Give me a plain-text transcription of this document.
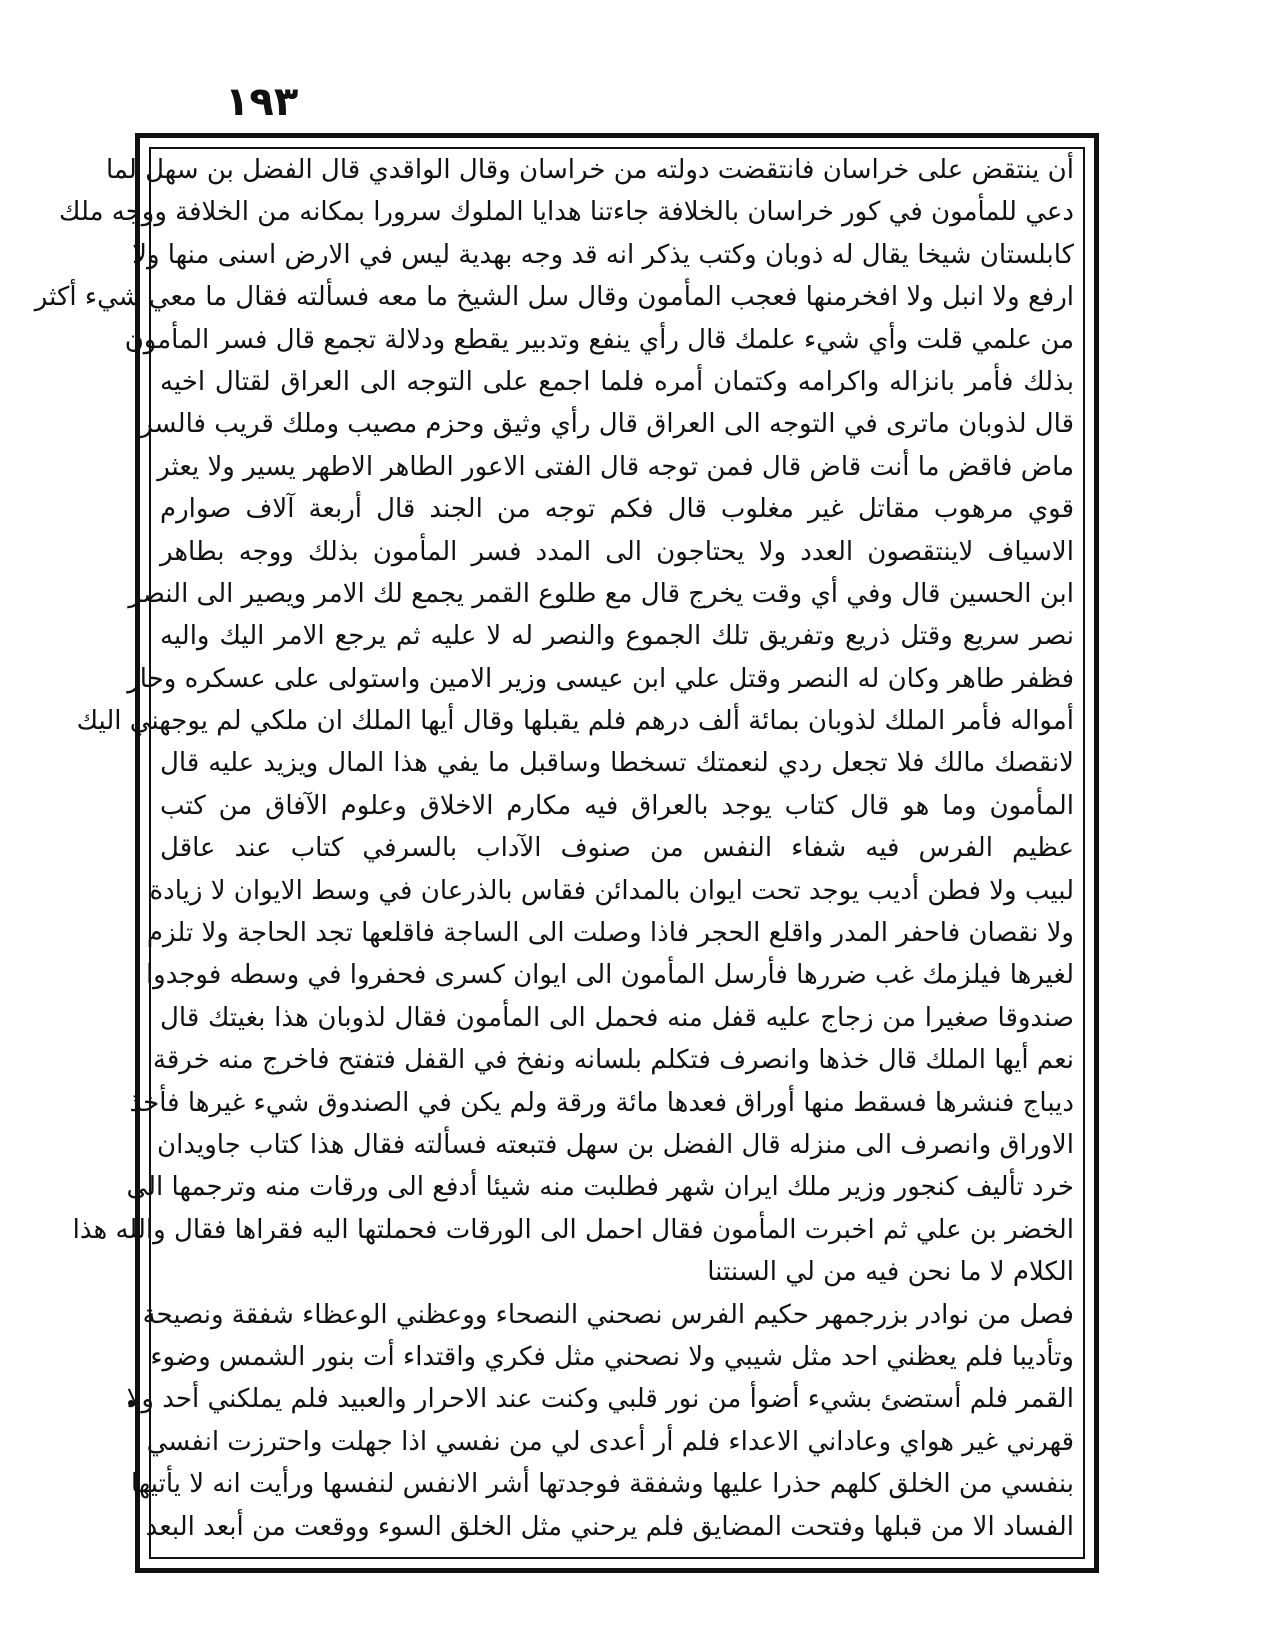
١٩٣
أن ينتقض على خراسان فانتقضت دولته من خراسان وقال الواقدي قال الفضل بن سهل لما
دعي للمأمون في كور خراسان بالخلافة جاءتنا هدايا الملوك سرورا بمكانه من الخلافة ووجه ملك
كابلستان شيخا يقال له ذوبان وكتب يذكر انه قد وجه بهدية ليس في الارض اسنى منها ولا
ارفع ولا انبل ولا افخرمنها فعجب المأمون وقال سل الشيخ ما معه فسألته فقال ما معي شيء أكثر
من علمي قلت وأي شيء علمك قال رأي ينفع وتدبير يقطع ودلالة تجمع قال فسر المأمون
بذلك فأمر بانزاله واكرامه وكتمان أمره فلما اجمع على التوجه الى العراق لقتال اخيه
قال لذوبان ماترى في التوجه الى العراق قال رأي وثيق وحزم مصيب وملك قريب فالسر
ماض فاقض ما أنت قاض قال فمن توجه قال الفتى الاعور الطاهر الاطهر يسير ولا يعثر
قوي مرهوب مقاتل غير مغلوب قال فكم توجه من الجند قال أربعة آلاف صوارم
الاسياف لاينتقصون العدد ولا يحتاجون الى المدد فسر المأمون بذلك ووجه بطاهر
ابن الحسين قال وفي أي وقت يخرج قال مع طلوع القمر يجمع لك الامر ويصير الى النصر
نصر سريع وقتل ذريع وتفريق تلك الجموع والنصر له لا عليه ثم يرجع الامر اليك واليه
فظفر طاهر وكان له النصر وقتل علي ابن عيسى وزير الامين واستولى على عسكره وحاز
أمواله فأمر الملك لذوبان بمائة ألف درهم فلم يقبلها وقال أيها الملك ان ملكي لم يوجهني اليك
لانقصك مالك فلا تجعل ردي لنعمتك تسخطا وساقبل ما يفي هذا المال ويزيد عليه قال
المأمون وما هو قال كتاب يوجد بالعراق فيه مكارم الاخلاق وعلوم الآفاق من كتب
عظيم الفرس فيه شفاء النفس من صنوف الآداب بالسرفي كتاب عند عاقل
لبيب ولا فطن أديب يوجد تحت ايوان بالمدائن فقاس بالذرعان في وسط الايوان لا زيادة
ولا نقصان فاحفر المدر واقلع الحجر فاذا وصلت الى الساجة فاقلعها تجد الحاجة ولا تلزم
لغيرها فيلزمك غب ضررها فأرسل المأمون الى ايوان كسرى فحفروا في وسطه فوجدوا
صندوقا صغيرا من زجاج عليه قفل منه فحمل الى المأمون فقال لذوبان هذا بغيتك قال
نعم أيها الملك قال خذها وانصرف فتكلم بلسانه ونفخ في القفل فتفتح فاخرج منه خرقة
ديباج فنشرها فسقط منها أوراق فعدها مائة ورقة ولم يكن في الصندوق شيء غيرها فأخذ
الاوراق وانصرف الى منزله قال الفضل بن سهل فتبعته فسألته فقال هذا كتاب جاويدان
خرد تأليف كنجور وزير ملك ايران شهر فطلبت منه شيئا أدفع الى ورقات منه وترجمها الى
الخضر بن علي ثم اخبرت المأمون فقال احمل الى الورقات فحملتها اليه فقراها فقال والله هذا
الكلام لا ما نحن فيه من لي السنتنا
فصل من نوادر بزرجمهر حكيم الفرس نصحني النصحاء ووعظني الوعظاء شفقة ونصيحة
وتأديبا فلم يعظني احد مثل شيبي ولا نصحني مثل فكري واقتداء أت بنور الشمس وضوء
القمر فلم أستضئ بشيء أضوأ من نور قلبي وكنت عند الاحرار والعبيد فلم يملكني أحد ولا
قهرني غير هواي وعاداني الاعداء فلم أر أعدى لي من نفسي اذا جهلت واحترزت انفسي
بنفسي من الخلق كلهم حذرا عليها وشفقة فوجدتها أشر الانفس لنفسها ورأيت انه لا يأتيها
الفساد الا من قبلها وفتحت المضايق فلم يرحني مثل الخلق السوء ووقعت من أبعد البعد
